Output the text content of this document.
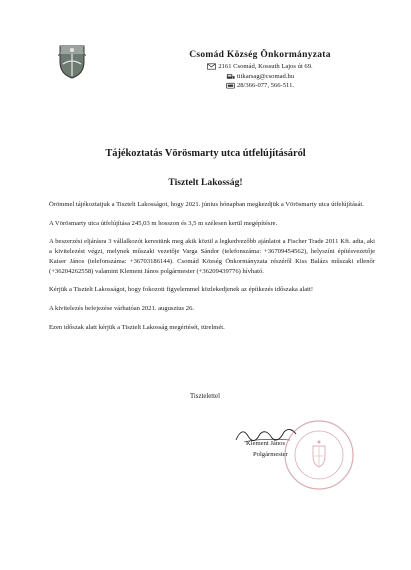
Csomád Község Önkormányzata
2161 Csomád, Kossuth Lajos út 69.
titkarsag@csomad.hu
28/366-077, 566-511.
Tájékoztatás Vörösmarty utca útfelújításáról
Tisztelt Lakosság!

Örömmel tájékoztatjuk a Tisztelt Lakosságot, hogy 2021. június hónapban megkezdjük a Vörösmarty utca útfelújítását.

A Vörösmarty utca útfelújítása 245,03 m hosszon és 3,5 m szélesen kerül megépítésre.

A beszerzési eljárásra 3 vállalkozót kerestünk meg akik közül a legkedvezőbb ajánlatot a Fischer Trade 2011 Kft. adta, aki a kivitelezést végzi, melynek műszaki vezetője Varga Sándor (telefonszáma: +36709454562), helyszíni építésvezetője Kaiser János (telefonszáma: +36703186144). Csomád Község Önkormányzata részéről Kiss Balázs műszaki ellenőr (+36204262558) valamint Klement János polgármester (+36209439776) hívható.

Kérjük a Tisztelt Lakosságot, hogy fokozott figyelemmel közlekedjenek az építkezés időszaka alatt!

A kivitelezés befejezése várhatóan 2021. augusztus 26.

Ezen időszak alatt kérjük a Tisztelt Lakosság megértését, türelmét.

Tisztelettel
Klement János
Polgármester
